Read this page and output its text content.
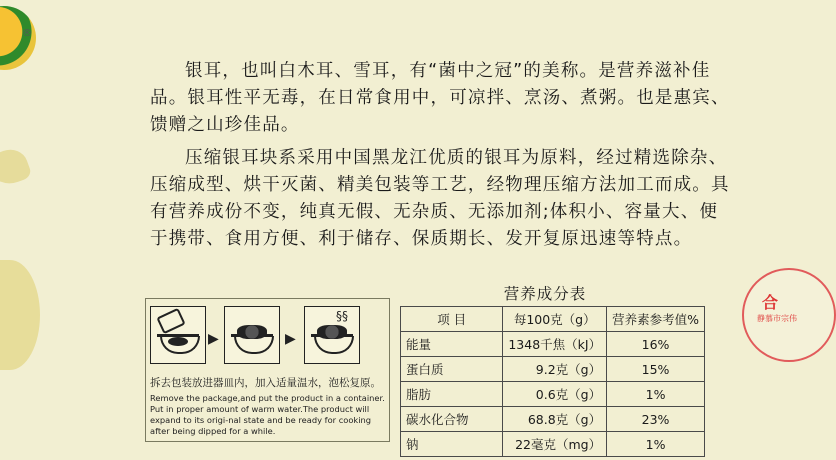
®
合
静慕市宗伟

银耳，也叫白木耳、雪耳，有“菌中之冠”的美称。是营养滋补佳品。银耳性平无毒，在日常食用中，可凉拌、烹汤、煮粥。也是惠宾、馈赠之山珍佳品。

压缩银耳块系采用中国黑龙江优质的银耳为原料，经过精选除杂、压缩成型、烘干灭菌、精美包装等工艺，经物理压缩方法加工而成。具有营养成份不变，纯真无假、无杂质、无添加剂;体积小、容量大、便于携带、食用方便、利于储存、保质期长、发开复原迅速等特点。

▶	▶
§§
拆去包装放进器皿内，加入适量温水，泡松复原。
Remove the package,and put the product in a container. Put in proper amount of warm water.The product will expand to its origi-nal state and be ready for cooking after being dipped for a while.
营养成分表
项 目	每100克（g）	营养素参考值%
能量	1348千焦（kJ）	16%
蛋白质	9.2克（g）	15%
脂肪	0.6克（g）	1%
碳水化合物	68.8克（g）	23%
钠	22毫克（mg）	1%
